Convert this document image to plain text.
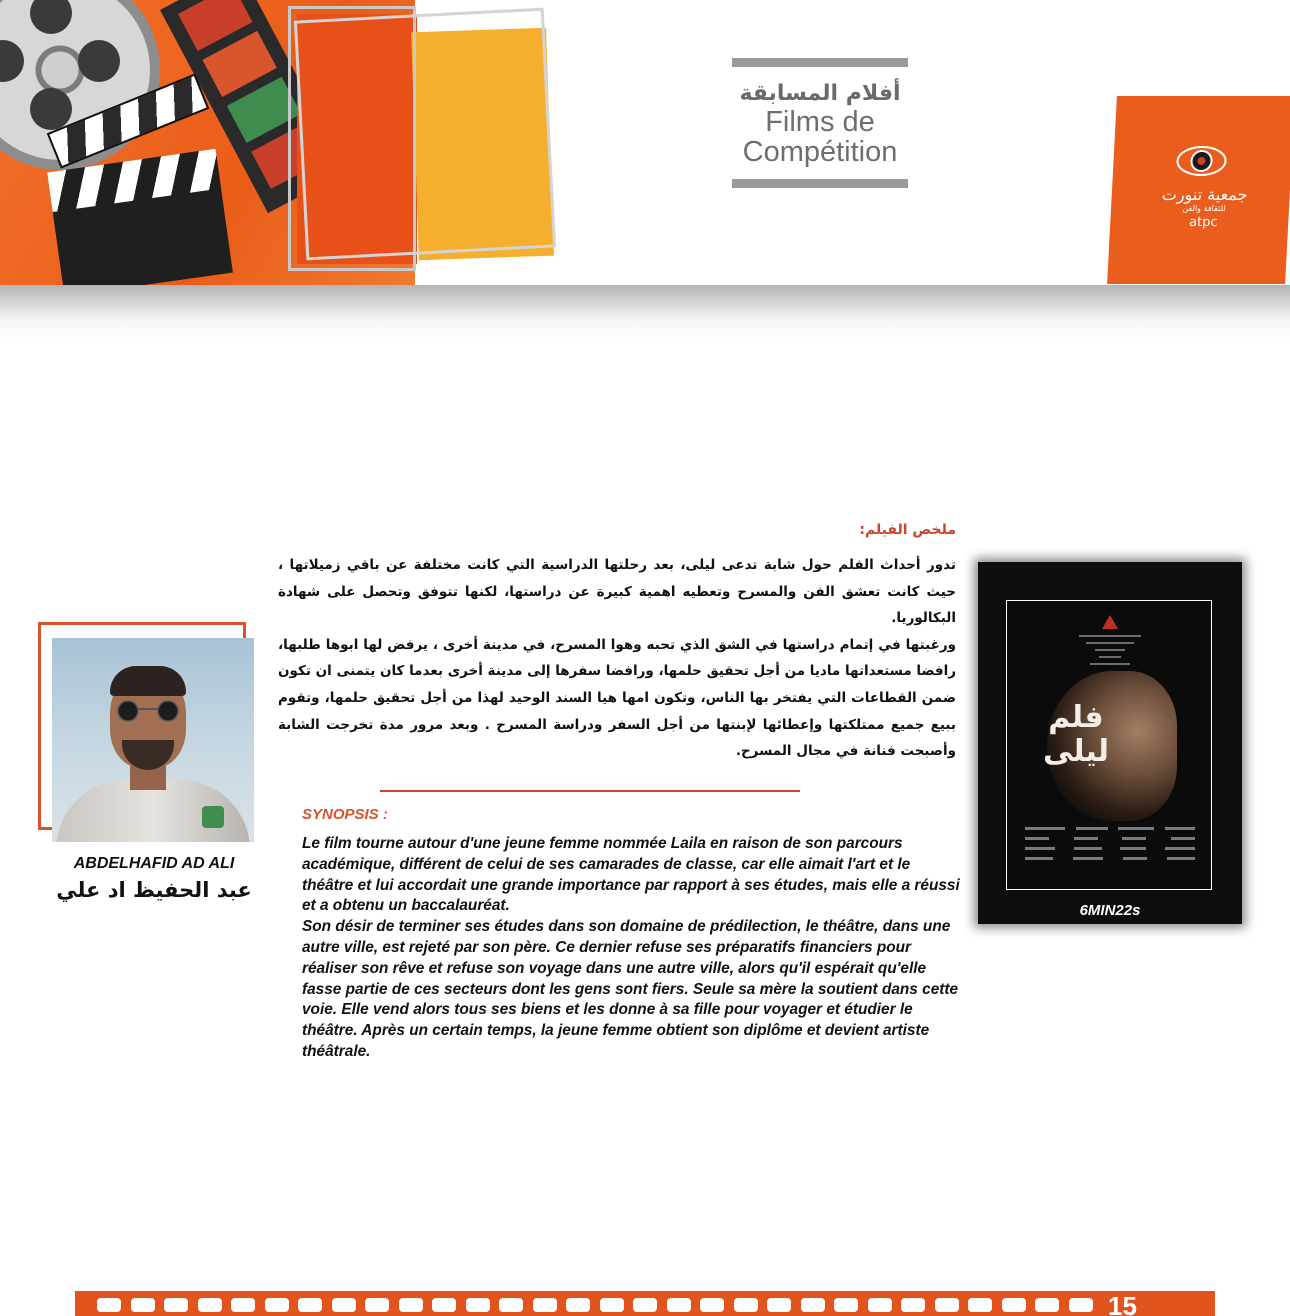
أفلام المسابقة
Films de
Compétition
جمعية تنورت
للثقافة والفن
atpc
ABDELHAFID AD ALI
عبد الحفيظ اد علي
ملخص الفيلم:

تدور أحداث الفلم حول شابة تدعى ليلى، بعد رحلتها الدراسية التي كانت مختلفة عن باقي زميلاتها ، حيث كانت تعشق الفن والمسرح وتعطيه اهمية كبيرة عن دراستها، لكنها تتوفق وتحصل على شهادة البكالوريا.

ورغبتها في إتمام دراستها في الشق الذي تحبه وهوا المسرح، في مدينة أخرى ، يرفض لها ابوها طلبها، رافضا مستعداتها ماديا من أجل تحقيق حلمها، ورافضا سفرها إلى مدينة أخرى بعدما كان يتمنى ان تكون ضمن القطاعات التي يفتخر بها الناس، وتكون امها هيا السند الوحيد لهذا من أجل تحقيق حلمها، وتقوم ببيع جميع ممتلكتها وإعطائها لإبنتها من أجل السفر ودراسة المسرح . وبعد مرور مدة تخرجت الشابة وأصبحت فنانة في مجال المسرح.

SYNOPSIS :

Le film tourne autour d'une jeune femme nommée Laila en raison de son parcours académique, différent de celui de ses camarades de classe, car elle aimait l'art et le théâtre et lui accordait une grande importance par rapport à ses études, mais elle a réussi et a obtenu un baccalauréat.

Son désir de terminer ses études dans son domaine de prédilection, le théâtre, dans une autre ville, est rejeté par son père. Ce dernier refuse ses préparatifs financiers pour réaliser son rêve et refuse son voyage dans une autre ville, alors qu'il espérait qu'elle fasse partie de ces secteurs dont les gens sont fiers. Seule sa mère la soutient dans cette voie. Elle vend alors tous ses biens et les donne à sa fille pour voyager et étudier le théâtre. Après un certain temps, la jeune femme obtient son diplôme et devient artiste théâtrale.

فلم
ليلى
6MIN22s
15
